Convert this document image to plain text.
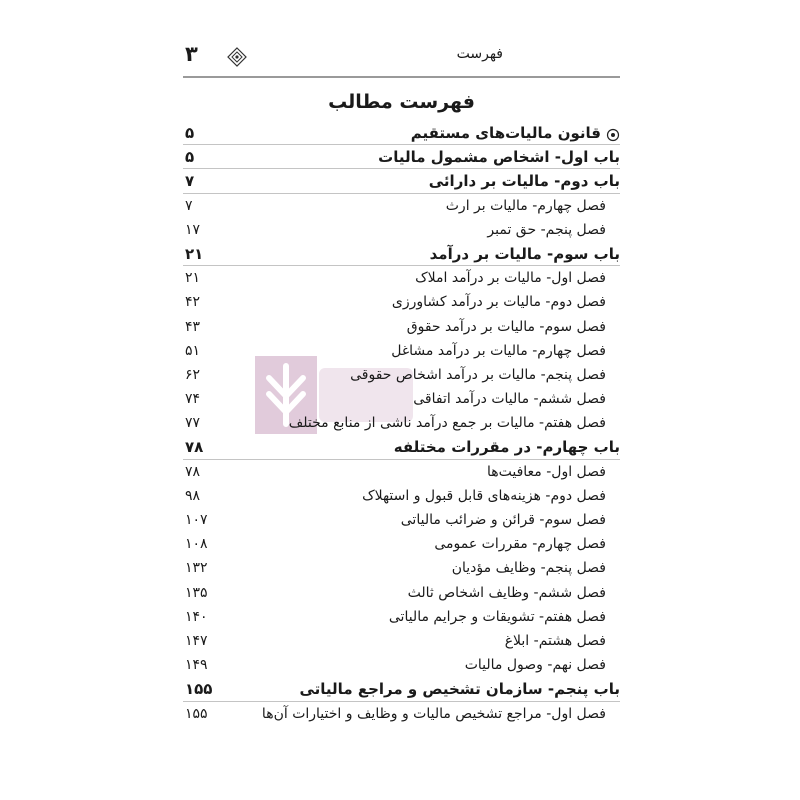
۳	فهرست
فهرست مطالب
قانون مالیات‌های مستقیم
۵
باب اول- اشخاص مشمول مالیات
۵
باب دوم- مالیات بر دارائی
۷
فصل چهارم- مالیات بر ارث
۷
فصل پنجم- حق تمبر
۱۷
باب سوم- مالیات بر درآمد
۲۱
فصل اول- مالیات بر درآمد املاک
۲۱
فصل دوم- مالیات بر درآمد کشاورزی
۴۲
فصل سوم- مالیات بر درآمد حقوق
۴۳
فصل چهارم- مالیات بر درآمد مشاغل
۵۱
فصل پنجم- مالیات بر درآمد اشخاص حقوقی
۶۲
فصل ششم- مالیات درآمد اتفاقی
۷۴
فصل هفتم- مالیات بر جمع درآمد ناشی از منابع مختلف
۷۷
باب چهارم- در مقررات مختلفه
۷۸
فصل اول- معافیت‌ها
۷۸
فصل دوم- هزینه‌های قابل قبول و استهلاک
۹۸
فصل سوم- قرائن و ضرائب مالیاتی
۱۰۷
فصل چهارم- مقررات عمومی
۱۰۸
فصل پنجم- وظایف مؤدیان
۱۳۲
فصل ششم- وظایف اشخاص ثالث
۱۳۵
فصل هفتم- تشویقات و جرایم مالیاتی
۱۴۰
فصل هشتم- ابلاغ
۱۴۷
فصل نهم- وصول مالیات
۱۴۹
باب پنجم- سازمان تشخیص و مراجع مالیاتی
۱۵۵
فصل اول- مراجع تشخیص مالیات و وظایف و اختیارات آن‌ها
۱۵۵
